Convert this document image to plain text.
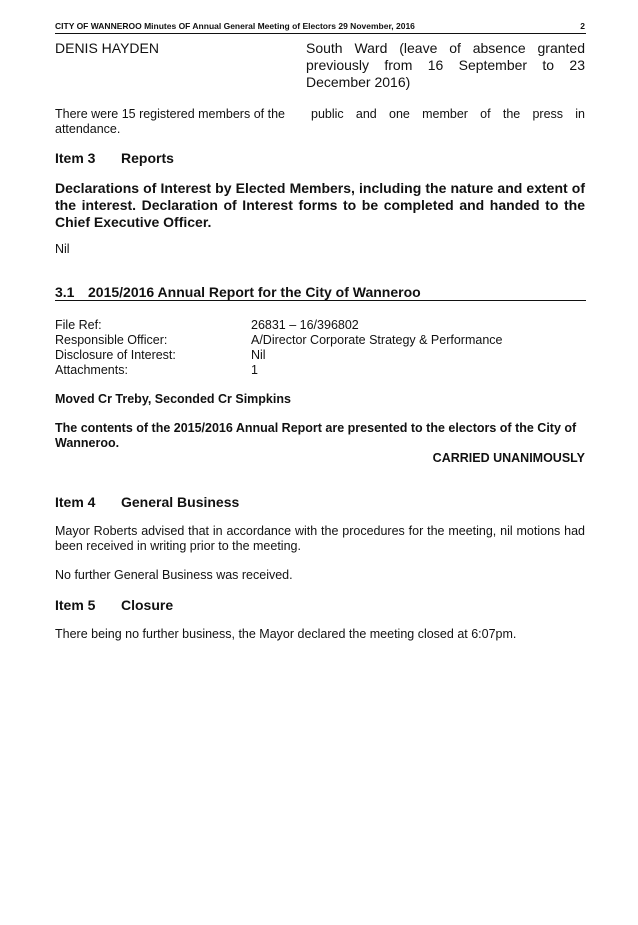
CITY OF WANNEROO Minutes OF Annual General Meeting of Electors 29 November, 2016	2
DENIS HAYDEN	South Ward (leave of absence granted previously from 16 September to 23 December 2016)
There were 15 registered members of the attendance.
public and one member of the press in
Item 3 Reports
Declarations of Interest by Elected Members, including the nature and extent of the interest. Declaration of Interest forms to be completed and handed to the Chief Executive Officer.
Nil
3.1 2015/2016 Annual Report for the City of Wanneroo
File Ref:	26831 – 16/396802
Responsible Officer:	A/Director Corporate Strategy & Performance
Disclosure of Interest:	Nil
Attachments:	1
Moved Cr Treby, Seconded Cr Simpkins
The contents of the 2015/2016 Annual Report are presented to the electors of the City of Wanneroo.
CARRIED UNANIMOUSLY
Item 4 General Business
Mayor Roberts advised that in accordance with the procedures for the meeting, nil motions had been received in writing prior to the meeting.
No further General Business was received.
Item 5 Closure
There being no further business, the Mayor declared the meeting closed at 6:07pm.
